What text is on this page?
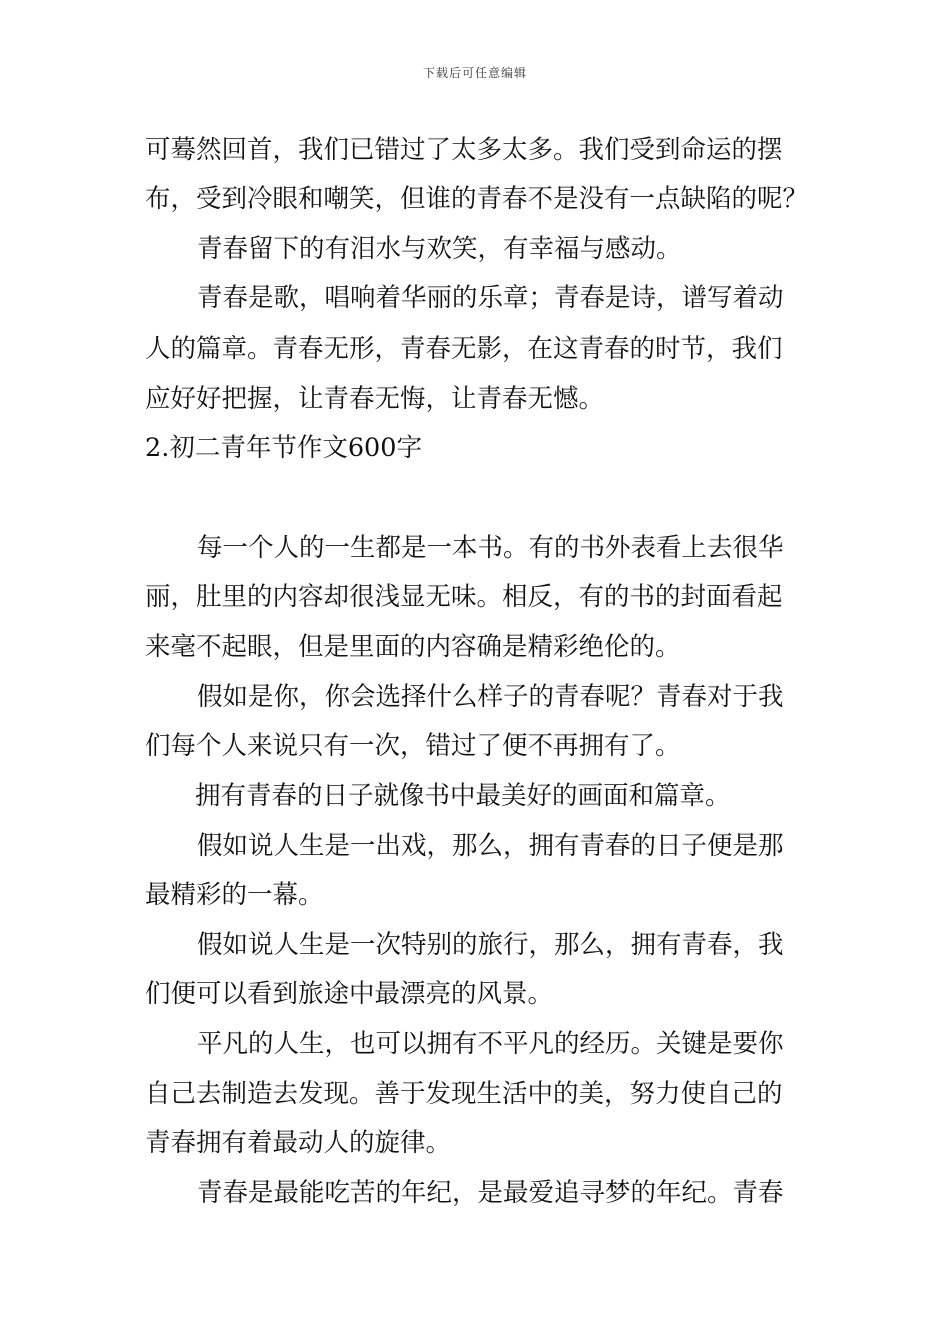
下载后可任意编辑
可蓦然回首，我们已错过了太多太多。我们受到命运的摆
布，受到冷眼和嘲笑，但谁的青春不是没有一点缺陷的呢？
青春留下的有泪水与欢笑，有幸福与感动。
青春是歌，唱响着华丽的乐章；青春是诗，谱写着动
人的篇章。青春无形，青春无影，在这青春的时节，我们
应好好把握，让青春无悔，让青春无憾。
2.初二青年节作文600字
每一个人的一生都是一本书。有的书外表看上去很华
丽，肚里的内容却很浅显无味。相反，有的书的封面看起
来毫不起眼，但是里面的内容确是精彩绝伦的。
假如是你，你会选择什么样子的青春呢？青春对于我
们每个人来说只有一次，错过了便不再拥有了。
拥有青春的日子就像书中最美好的画面和篇章。
假如说人生是一出戏，那么，拥有青春的日子便是那
最精彩的一幕。
假如说人生是一次特别的旅行，那么，拥有青春，我
们便可以看到旅途中最漂亮的风景。
平凡的人生，也可以拥有不平凡的经历。关键是要你
自己去制造去发现。善于发现生活中的美，努力使自己的
青春拥有着最动人的旋律。
青春是最能吃苦的年纪，是最爱追寻梦的年纪。青春
